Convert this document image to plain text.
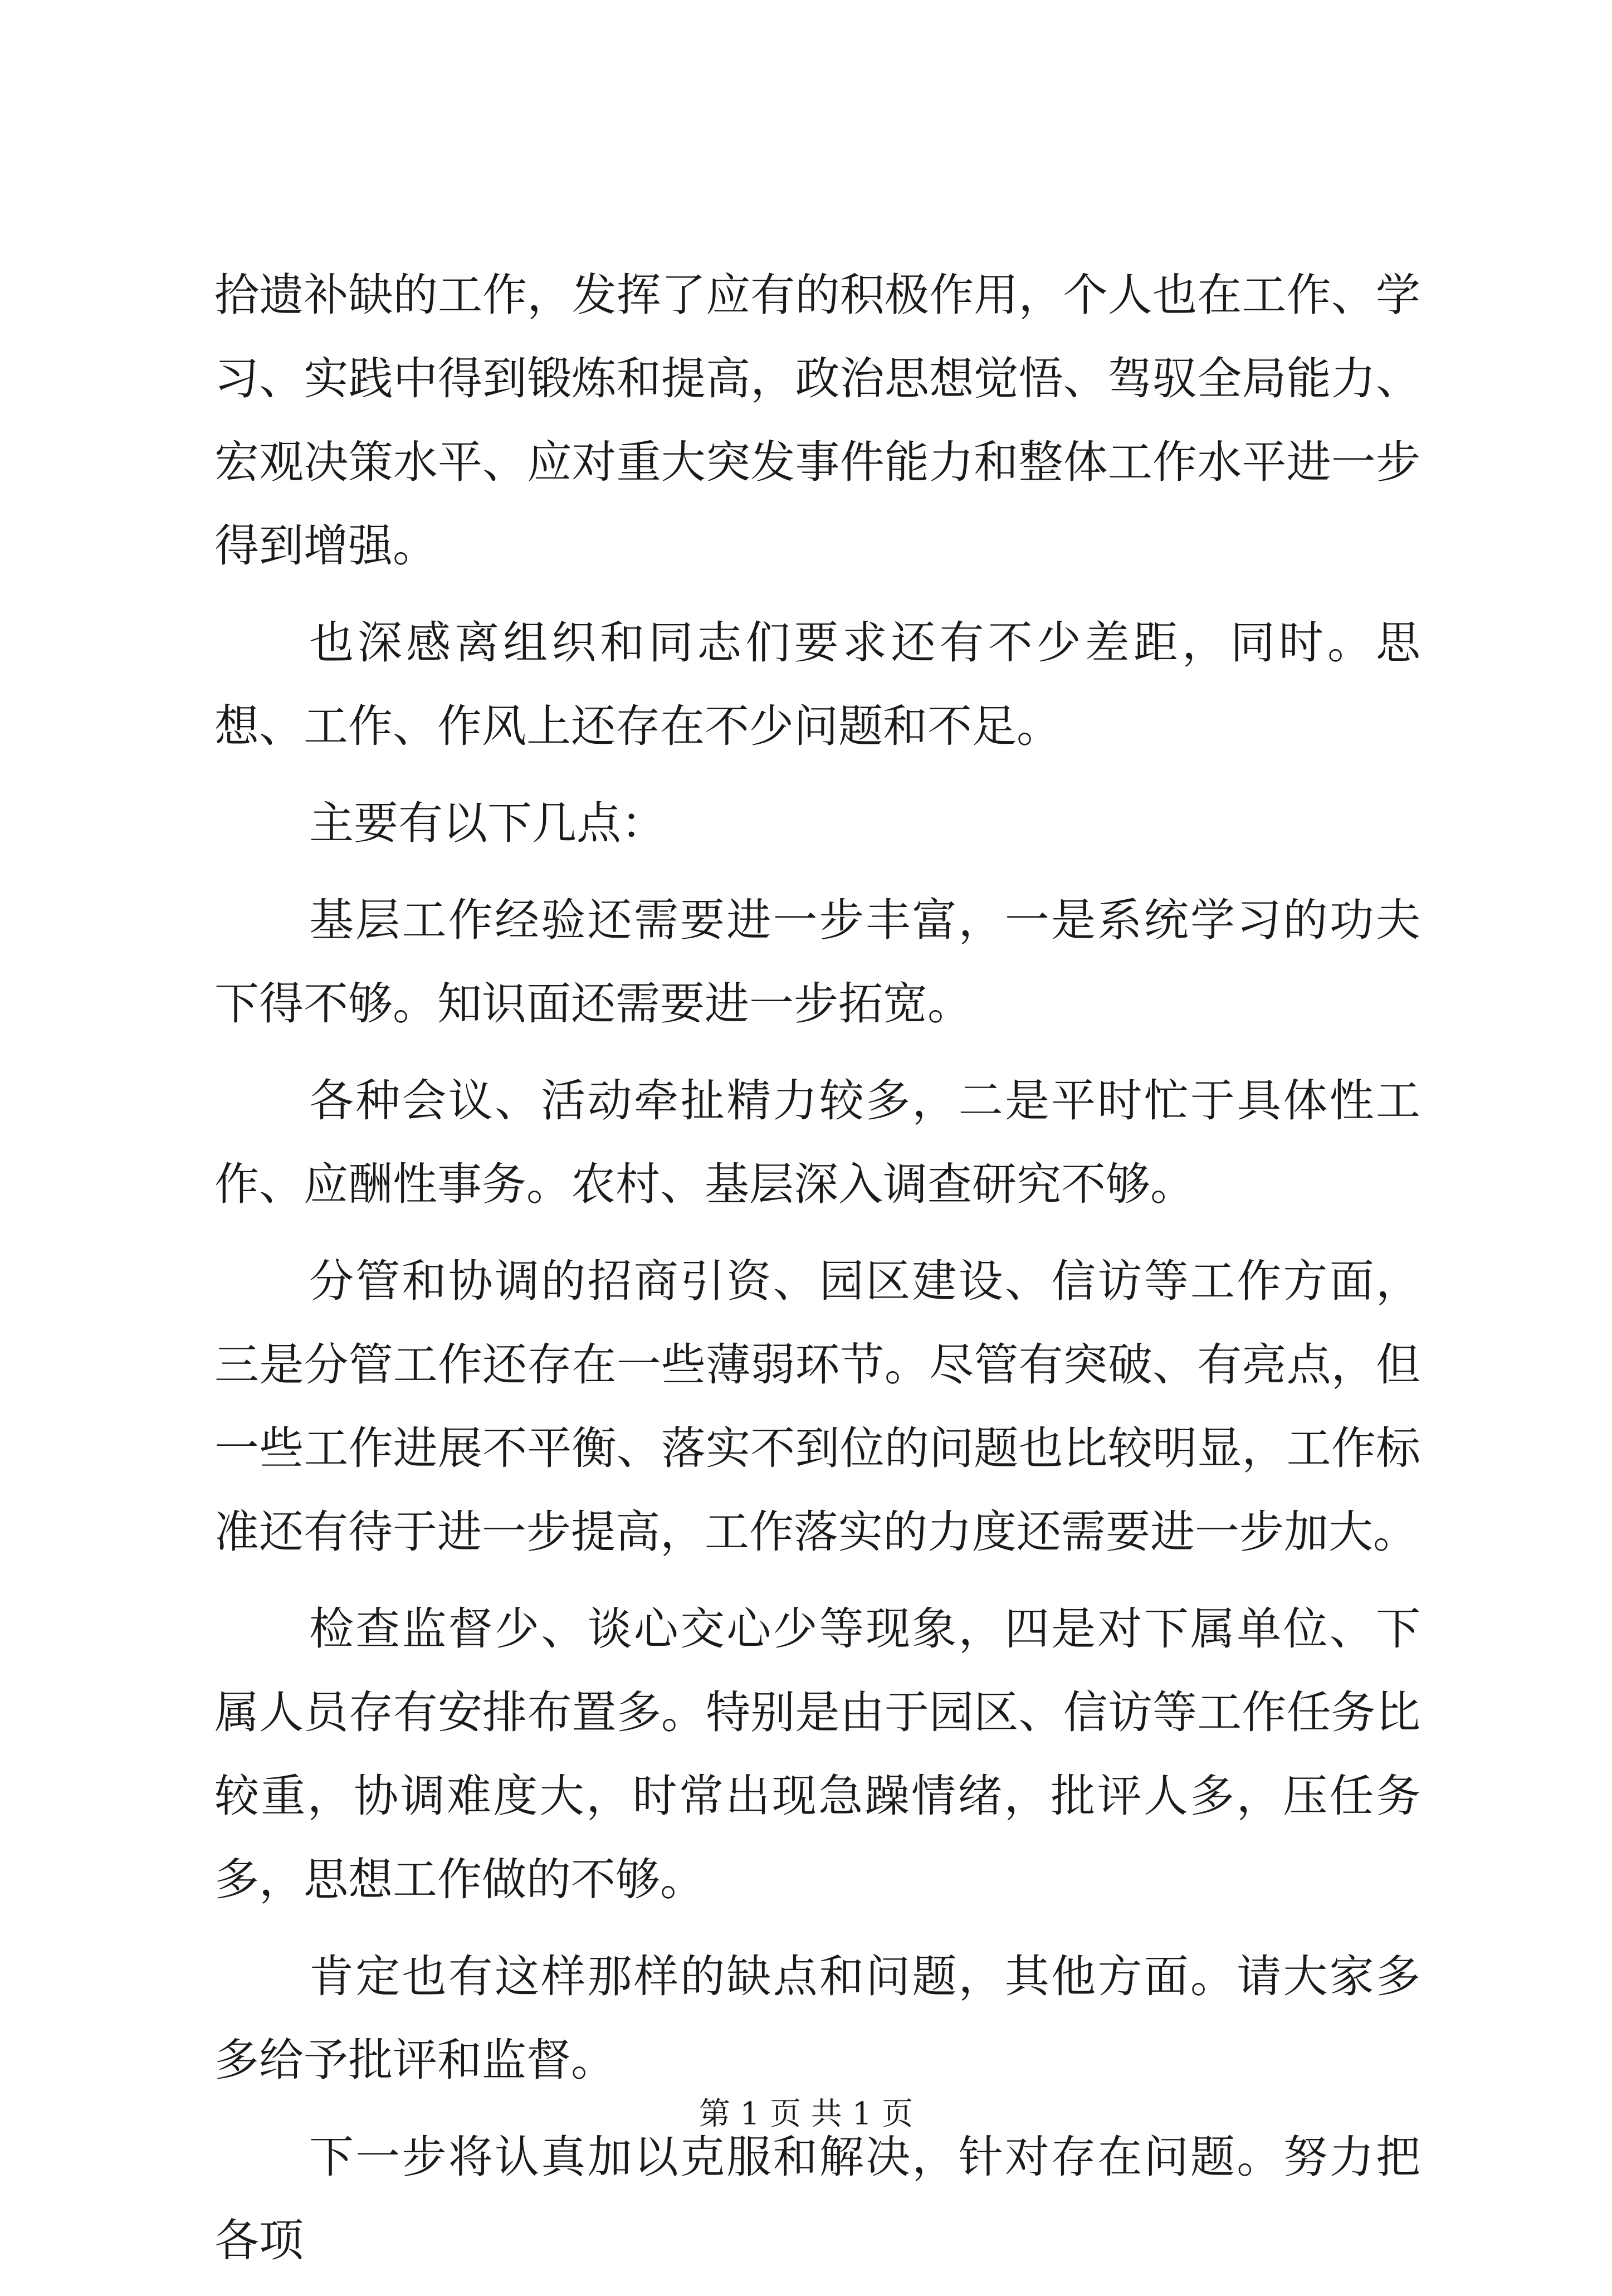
拾遗补缺的工作，发挥了应有的积极作用，个人也在工作、学习、实践中得到锻炼和提高，政治思想觉悟、驾驭全局能力、宏观决策水平、应对重大突发事件能力和整体工作水平进一步得到增强。

也深感离组织和同志们要求还有不少差距，同时。思想、工作、作风上还存在不少问题和不足。

主要有以下几点：

基层工作经验还需要进一步丰富，一是系统学习的功夫下得不够。知识面还需要进一步拓宽。

各种会议、活动牵扯精力较多，二是平时忙于具体性工作、应酬性事务。农村、基层深入调查研究不够。

分管和协调的招商引资、园区建设、信访等工作方面，三是分管工作还存在一些薄弱环节。尽管有突破、有亮点，但一些工作进展不平衡、落实不到位的问题也比较明显，工作标准还有待于进一步提高，工作落实的力度还需要进一步加大。

检查监督少、谈心交心少等现象，四是对下属单位、下属人员存有安排布置多。特别是由于园区、信访等工作任务比较重，协调难度大，时常出现急躁情绪，批评人多，压任务多，思想工作做的不够。

肯定也有这样那样的缺点和问题，其他方面。请大家多多给予批评和监督。

下一步将认真加以克服和解决，针对存在问题。努力把各项

第 1 页 共 1 页
